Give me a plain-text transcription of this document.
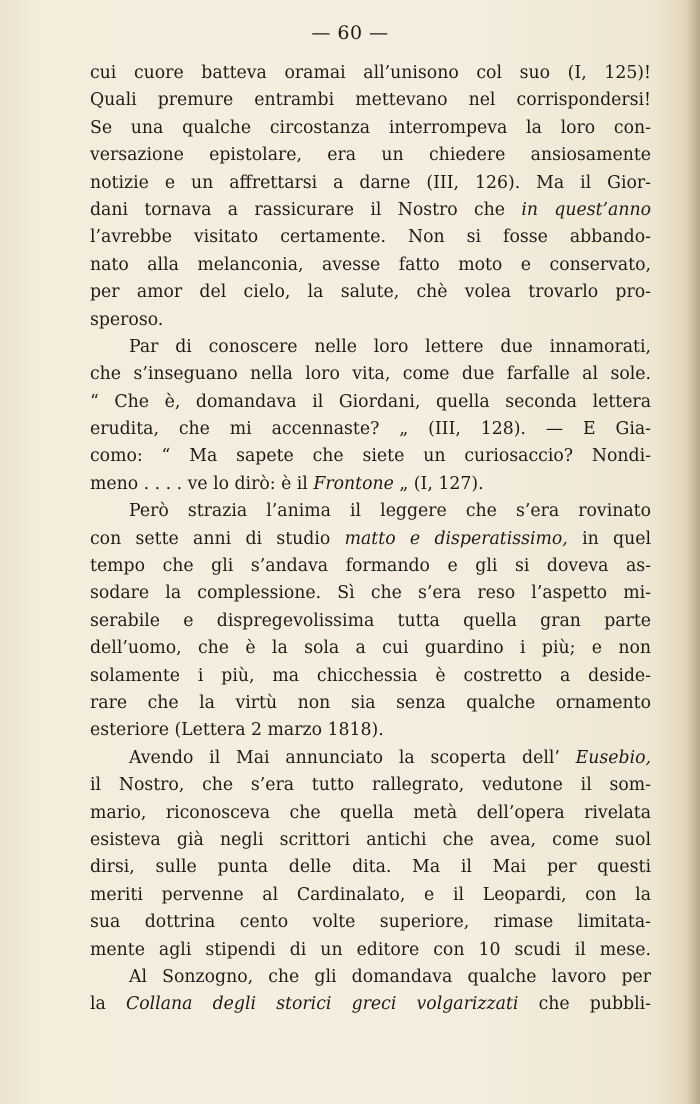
— 60 —
cui cuore batteva oramai all’unisono col suo (I, 125)!
Quali premure entrambi mettevano nel corrispondersi!
Se una qualche circostanza interrompeva la loro con-
versazione epistolare, era un chiedere ansiosamente
notizie e un affrettarsi a darne (III, 126). Ma il Gior-
dani tornava a rassicurare il Nostro che in quest’anno
l’avrebbe visitato certamente. Non si fosse abbando-
nato alla melanconia, avesse fatto moto e conservato,
per amor del cielo, la salute, chè volea trovarlo pro-
speroso.
Par di conoscere nelle loro lettere due innamorati,
che s’inseguano nella loro vita, come due farfalle al sole.
“ Che è, domandava il Giordani, quella seconda lettera
erudita, che mi accennaste? „ (III, 128). — E Gia-
como: “ Ma sapete che siete un curiosaccio? Nondi-
meno . . . . ve lo dirò: è il Frontone „ (I, 127).
Però strazia l’anima il leggere che s’era rovinato
con sette anni di studio matto e disperatissimo, in quel
tempo che gli s’andava formando e gli si doveva as-
sodare la complessione. Sì che s’era reso l’aspetto mi-
serabile e dispregevolissima tutta quella gran parte
dell’uomo, che è la sola a cui guardino i più; e non
solamente i più, ma chicchessia è costretto a deside-
rare che la virtù non sia senza qualche ornamento
esteriore (Lettera 2 marzo 1818).
Avendo il Mai annunciato la scoperta dell’ Eusebio,
il Nostro, che s’era tutto rallegrato, vedutone il som-
mario, riconosceva che quella metà dell’opera rivelata
esisteva già negli scrittori antichi che avea, come suol
dirsi, sulle punta delle dita. Ma il Mai per questi
meriti pervenne al Cardinalato, e il Leopardi, con la
sua dottrina cento volte superiore, rimase limitata-
mente agli stipendi di un editore con 10 scudi il mese.
Al Sonzogno, che gli domandava qualche lavoro per
la Collana degli storici greci volgarizzati che pubbli-
